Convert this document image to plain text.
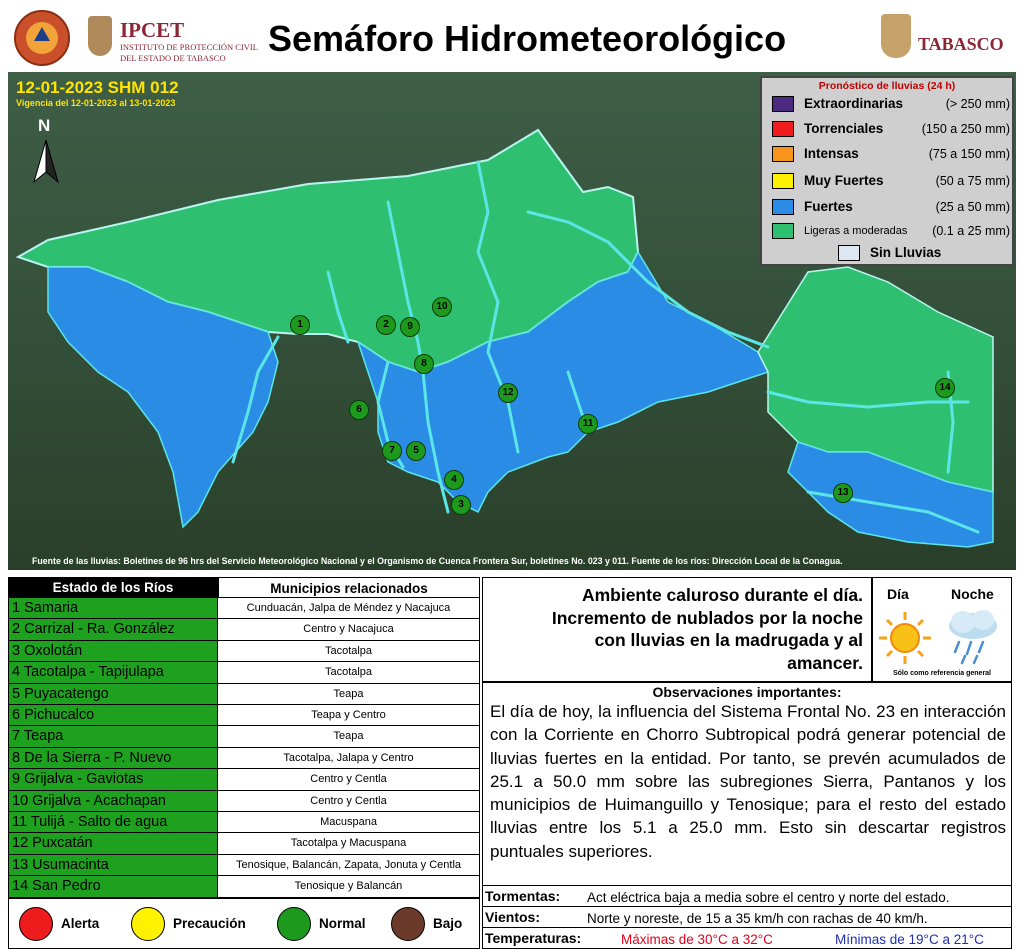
IPCET
INSTITUTO DE PROTECCIÓN CIVIL
DEL ESTADO DE TABASCO Semáforo Hidrometeorológico	TABASCO
12-01-2023 SHM 012
Vigencia del 12-01-2023 al 13-01-2023
N
1	2
3
4
5
6
7
8
9
10
11
12
13
14
Pronóstico de lluvias (24 h)
Extraordinarias	(> 250 mm)
Torrenciales	(150 a 250 mm)
Intensas	(75 a 150 mm)
Muy Fuertes	(50 a 75 mm)
Fuertes	(25 a 50 mm)
Ligeras a moderadas (0.1 a 25 mm)
Sin Lluvias
Fuente de las lluvias: Boletines de 96 hrs del Servicio Meteorológico Nacional y el Organismo de Cuenca Frontera Sur, boletines No. 023 y 011. Fuente de los ríos: Dirección Local de la Conagua.
Estado de los Ríos	Municipios relacionados
1 Samaria	Cunduacán, Jalpa de Méndez y Nacajuca
2 Carrizal - Ra. González	Centro y Nacajuca
3 Oxolotán	Tacotalpa
4 Tacotalpa - Tapijulapa	Tacotalpa
5 Puyacatengo	Teapa
6 Pichucalco	Teapa y Centro
7 Teapa	Teapa
8 De la Sierra - P. Nuevo	Tacotalpa, Jalapa y Centro
9 Grijalva - Gaviotas	Centro y Centla
10 Grijalva - Acachapan	Centro y Centla
11 Tulijá - Salto de agua	Macuspana
12 Puxcatán	Tacotalpa y Macuspana
13 Usumacinta	Tenosique, Balancán, Zapata, Jonuta y Centla
14 San Pedro	Tenosique y Balancán
Alerta	Precaución	Normal	Bajo
Ambiente caluroso durante el día.
Incremento de nublados por la noche
con lluvias en la madrugada y al
amancer.
Día	Noche
Sólo como referencia general
Observaciones importantes:
El día de hoy, la influencia del Sistema Frontal No. 23 en interacción con la Corriente en Chorro Subtropical podrá generar potencial de lluvias fuertes en la entidad. Por tanto, se prevén acumulados de 25.1 a 50.0 mm sobre las subregiones Sierra, Pantanos y los municipios de Huimanguillo y Tenosique; para el resto del estado lluvias entre los 5.1 a 25.0 mm. Esto sin descartar registros puntuales superiores.
Tormentas: Act eléctrica baja a media sobre el centro y norte del estado.
Vientos:	Norte y noreste, de 15 a 35 km/h con rachas de 40 km/h.
Temperaturas:	Máximas de 30°C a 32°C	Mínimas de 19°C a 21°C
